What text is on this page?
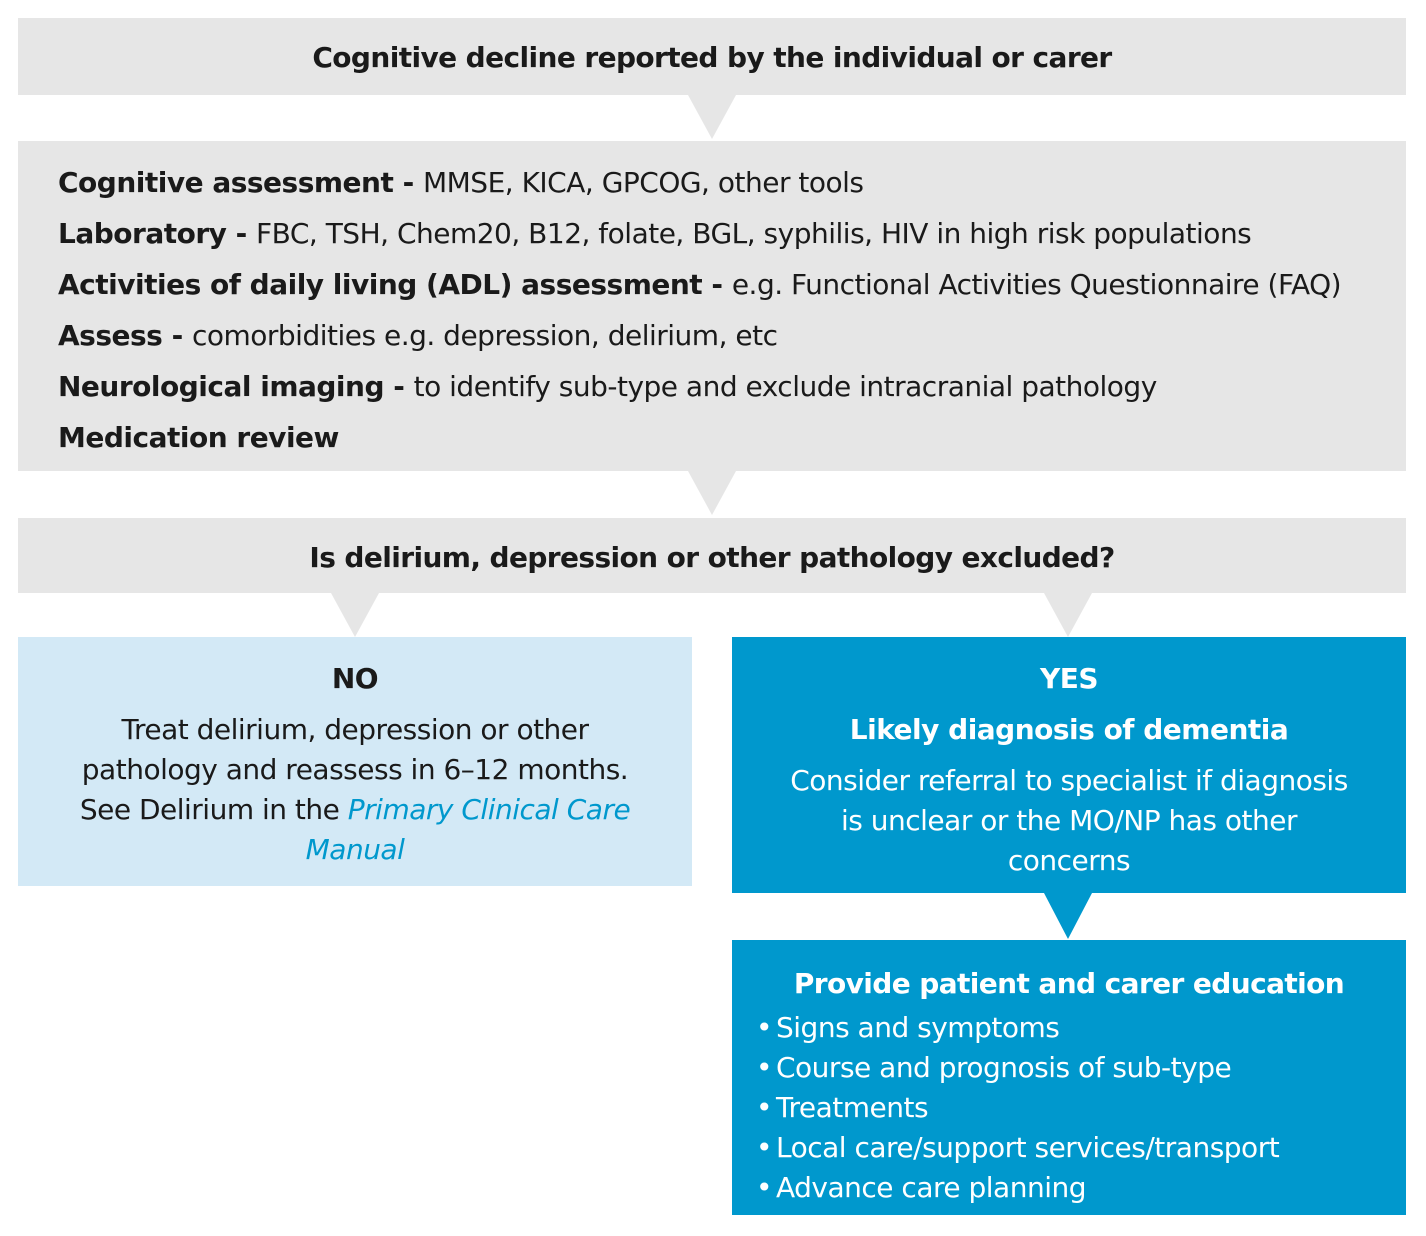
Cognitive decline reported by the individual or carer
Cognitive assessment - MMSE, KICA, GPCOG, other tools
Laboratory - FBC, TSH, Chem20, B12, folate, BGL, syphilis, HIV in high risk populations
Activities of daily living (ADL) assessment - e.g. Functional Activities Questionnaire (FAQ)
Assess - comorbidities e.g. depression, delirium, etc
Neurological imaging - to identify sub-type and exclude intracranial pathology
Medication review
Is delirium, depression or other pathology excluded?
NO
Treat delirium, depression or other
pathology and reassess in 6–12 months.
See Delirium in the Primary Clinical Care
Manual
YES
Likely diagnosis of dementia
Consider referral to specialist if diagnosis
is unclear or the MO/NP has other
concerns
Provide patient and carer education
• Signs and symptoms
• Course and prognosis of sub-type
• Treatments
• Local care/support services/transport
• Advance care planning
